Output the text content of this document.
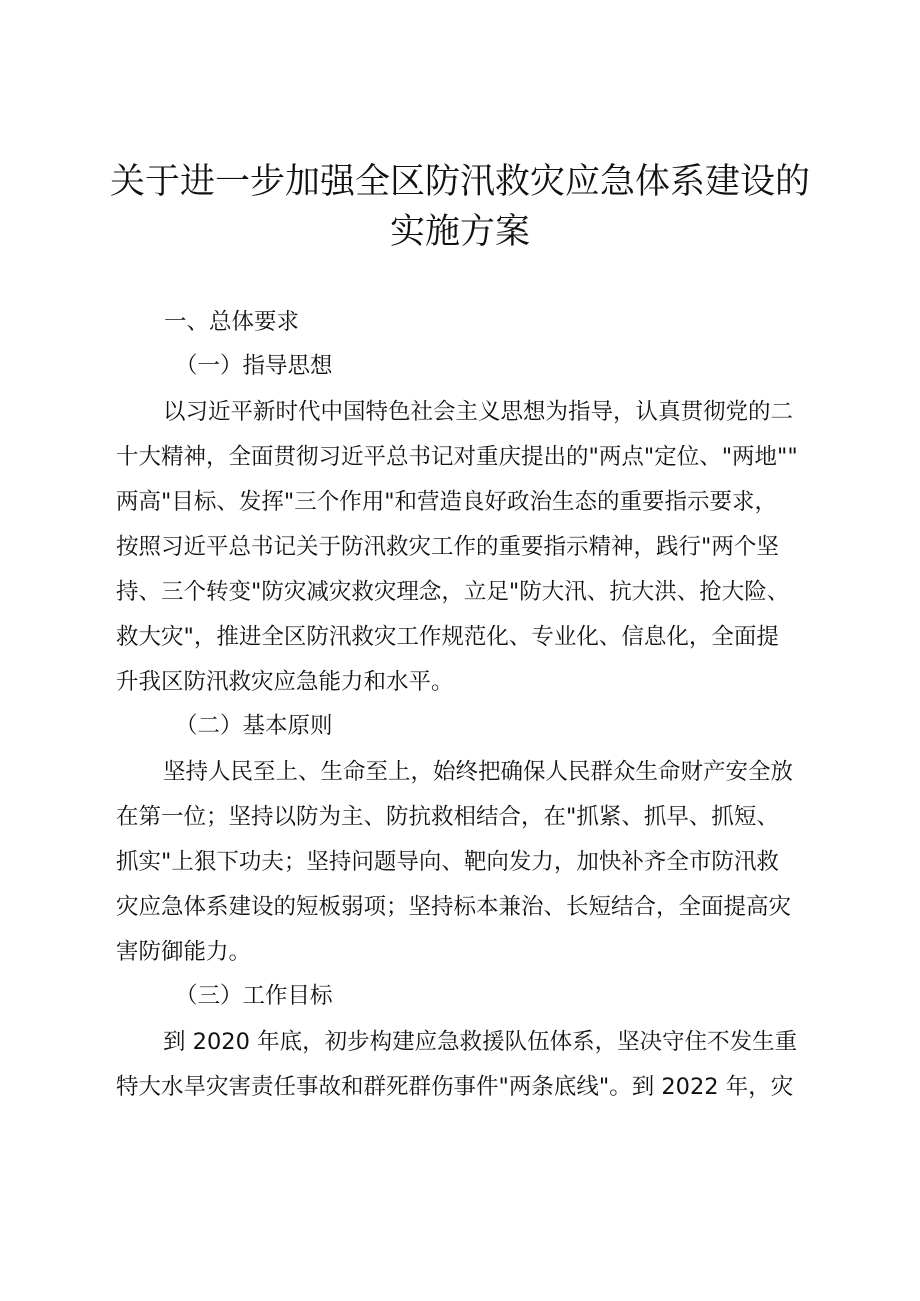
关于进一步加强全区防汛救灾应急体系建设的
实施方案
一、总体要求
（一）指导思想
以习近平新时代中国特色社会主义思想为指导，认真贯彻党的二
十大精神，全面贯彻习近平总书记对重庆提出的"两点"定位、"两地""
两高"目标、发挥"三个作用"和营造良好政治生态的重要指示要求，
按照习近平总书记关于防汛救灾工作的重要指示精神，践行"两个坚
持、三个转变"防灾减灾救灾理念，立足"防大汛、抗大洪、抢大险、
救大灾"，推进全区防汛救灾工作规范化、专业化、信息化，全面提
升我区防汛救灾应急能力和水平。
（二）基本原则
坚持人民至上、生命至上，始终把确保人民群众生命财产安全放
在第一位；坚持以防为主、防抗救相结合，在"抓紧、抓早、抓短、
抓实"上狠下功夫；坚持问题导向、靶向发力，加快补齐全市防汛救
灾应急体系建设的短板弱项；坚持标本兼治、长短结合，全面提高灾
害防御能力。
（三）工作目标
到 2020 年底，初步构建应急救援队伍体系，坚决守住不发生重
特大水旱灾害责任事故和群死群伤事件"两条底线"。到 2022 年，灾
